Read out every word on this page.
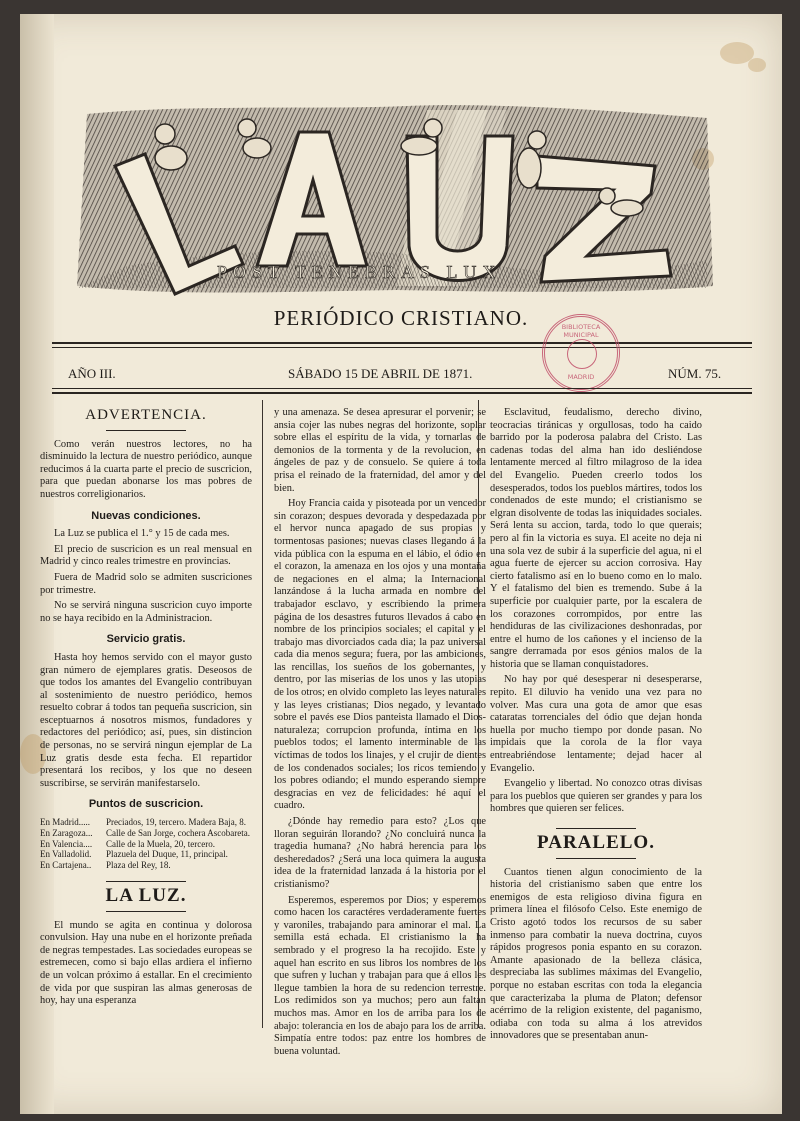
POST TENEBRAS LUX
PERIÓDICO CRISTIANO.	BIBLIOTECA MUNICIPAL
MADRID
AÑO III.	SÁBADO 15 DE ABRIL DE 1871.	NÚM. 75.
ADVERTENCIA.

Como verán nuestros lectores, no ha disminuido la lectura de nuestro periódico, aunque reducimos á la cuarta parte el precio de suscricion, para que puedan abonarse los mas pobres de nuestros correligionarios.

Nuevas condiciones.

La Luz se publica el 1.° y 15 de cada mes.

El precio de suscricion es un real mensual en Madrid y cinco reales trimestre en provincias.

Fuera de Madrid solo se admiten suscriciones por trimestre.

No se servirá ninguna suscricion cuyo importe no se haya recibido en la Administracion.

Servicio gratis.

Hasta hoy hemos servido con el mayor gusto gran número de ejemplares gratis. Deseosos de que todos los amantes del Evangelio contribuyan al sostenimiento de nuestro periódico, hemos resuelto cobrar á todos tan pequeña suscricion, sin esceptuarnos á nosotros mismos, fundadores y redactores del periódico; así, pues, sin distincion de personas, no se servirá ningun ejemplar de La Luz gratis desde esta fecha. El repartidor presentará los recibos, y los que no deseen suscribirse, se servirán manifestarselo.

Puntos de suscricion.
En Madrid.....	Preciados, 19, tercero. Madera Baja, 8.
En Zaragoza...	Calle de San Jorge, cochera Ascobareta.
En Valencia....	Calle de la Muela, 20, tercero.
En Valladolid.	Plazuela del Duque, 11, principal.
En Cartajena..	Plaza del Rey, 18.
LA LUZ.

El mundo se agita en continua y dolorosa convulsion. Hay una nube en el horizonte preñada de negras tempestades. Las sociedades europeas se estremecen, como si bajo ellas ardiera el infierno de un volcan próximo á estallar. En el crecimiento de vida por que suspiran las almas generosas de hoy, hay una esperanza

y una amenaza. Se desea apresurar el porvenir; se ansia cojer las nubes negras del horizonte, soplar sobre ellas el espíritu de la vida, y tornarlas de demonios de la tormenta y de la revolucion, en ángeles de paz y de consuelo. Se quiere á toda prisa el reinado de la fraternidad, del amor y del bien.

Hoy Francia caida y pisoteada por un vencedor sin corazon; despues devorada y despedazada por el hervor nunca apagado de sus propias y tormentosas pasiones; nuevas clases llegando á la vida pública con la espuma en el lábio, el ódio en el corazon, la amenaza en los ojos y una montaña de negaciones en el alma; la Internacional lanzándose á la lucha armada en nombre del trabajador esclavo, y escribiendo la primera página de los desastres futuros llevados á cabo en nombre de los principios sociales; el capital y el trabajo mas divorciados cada dia; la paz universal cada dia menos segura; fuera, por las ambiciones, las rencillas, los sueños de los gobernantes, y dentro, por las miserias de los unos y las utopias de los otros; en olvido completo las leyes naturales y las leyes cristianas; Dios negado, y levantado sobre el pavés ese Dios panteista llamado el Dios-naturaleza; corrupcion profunda, íntima en los pueblos todos; el lamento interminable de las víctimas de todos los linajes, y el crujir de dientes de los condenados sociales; los ricos temiendo y los pobres odiando; el mundo esperando siempre desgracias en vez de felicidades: hé aquí el cuadro.

¿Dónde hay remedio para esto? ¿Los que lloran seguirán llorando? ¿No concluirá nunca la tragedia humana? ¿No habrá herencia para los desheredados? ¿Será una loca quimera la augusta idea de la fraternidad lanzada á la historia por el cristianismo?

Esperemos, esperemos por Dios; y esperemos como hacen los caractéres verdaderamente fuertes y varoniles, trabajando para aminorar el mal. La semilla está echada. El cristianismo la ha sembrado y el progreso la ha recojido. Este y aquel han escrito en sus libros los nombres de los que sufren y luchan y trabajan para que á ellos les llegue tambien la hora de su redencion terrestre. Los redimidos son ya muchos; pero aun faltan muchos mas. Amor en los de arriba para los de abajo: tolerancia en los de abajo para los de arriba. Simpatía entre todos: paz entre los hombres de buena voluntad.

Esclavitud, feudalismo, derecho divino, teocracias tiránicas y orgullosas, todo ha caido barrido por la poderosa palabra del Cristo. Las cadenas todas del alma han ido desliéndose lentamente merced al filtro milagroso de la idea del Evangelio. Pueden creerlo todos los desesperados, todos los pueblos mártires, todos los condenados de este mundo; el cristianismo se elgran disolvente de todas las iniquidades sociales. Será lenta su accion, tarda, todo lo que querais; pero al fin la victoria es suya. El aceite no deja ni una sola vez de subir á la superficie del agua, ni el agua fuerte de ejercer su accion corrosiva. Hay cierto fatalismo así en lo bueno como en lo malo. Y el fatalismo del bien es tremendo. Sube á la superficie por cualquier parte, por la escalera de los corazones corrompidos, por entre las hendiduras de las civilizaciones deshonradas, por entre el humo de los cañones y el incienso de la sangre derramada por esos génios malos de la historia que se llaman conquistadores.

No hay por qué desesperar ni desesperarse, repito. El diluvio ha venido una vez para no volver. Mas cura una gota de amor que esas cataratas torrenciales del ódio que dejan honda huella por mucho tiempo por donde pasan. No impidais que la corola de la flor vaya entreabriéndose lentamente; dejad hacer al Evangelio.

Evangelio y libertad. No conozco otras divisas para los pueblos que quieren ser grandes y para los hombres que quieren ser felices.

PARALELO.

Cuantos tienen algun conocimiento de la historia del cristianismo saben que entre los enemigos de esta religioso divina figura en primera línea el filósofo Celso. Este enemigo de Cristo agotó todos los recursos de su saber inmenso para combatir la nueva doctrina, cuyos rápidos progresos ponia espanto en su corazon. Amante apasionado de la belleza clásica, despreciaba las sublimes máximas del Evangelio, porque no estaban escritas con toda la elegancia que caracterizaba la pluma de Platon; defensor acérrimo de la religion existente, del paganismo, odiaba con toda su alma á los atrevidos innovadores que se presentaban anun-
